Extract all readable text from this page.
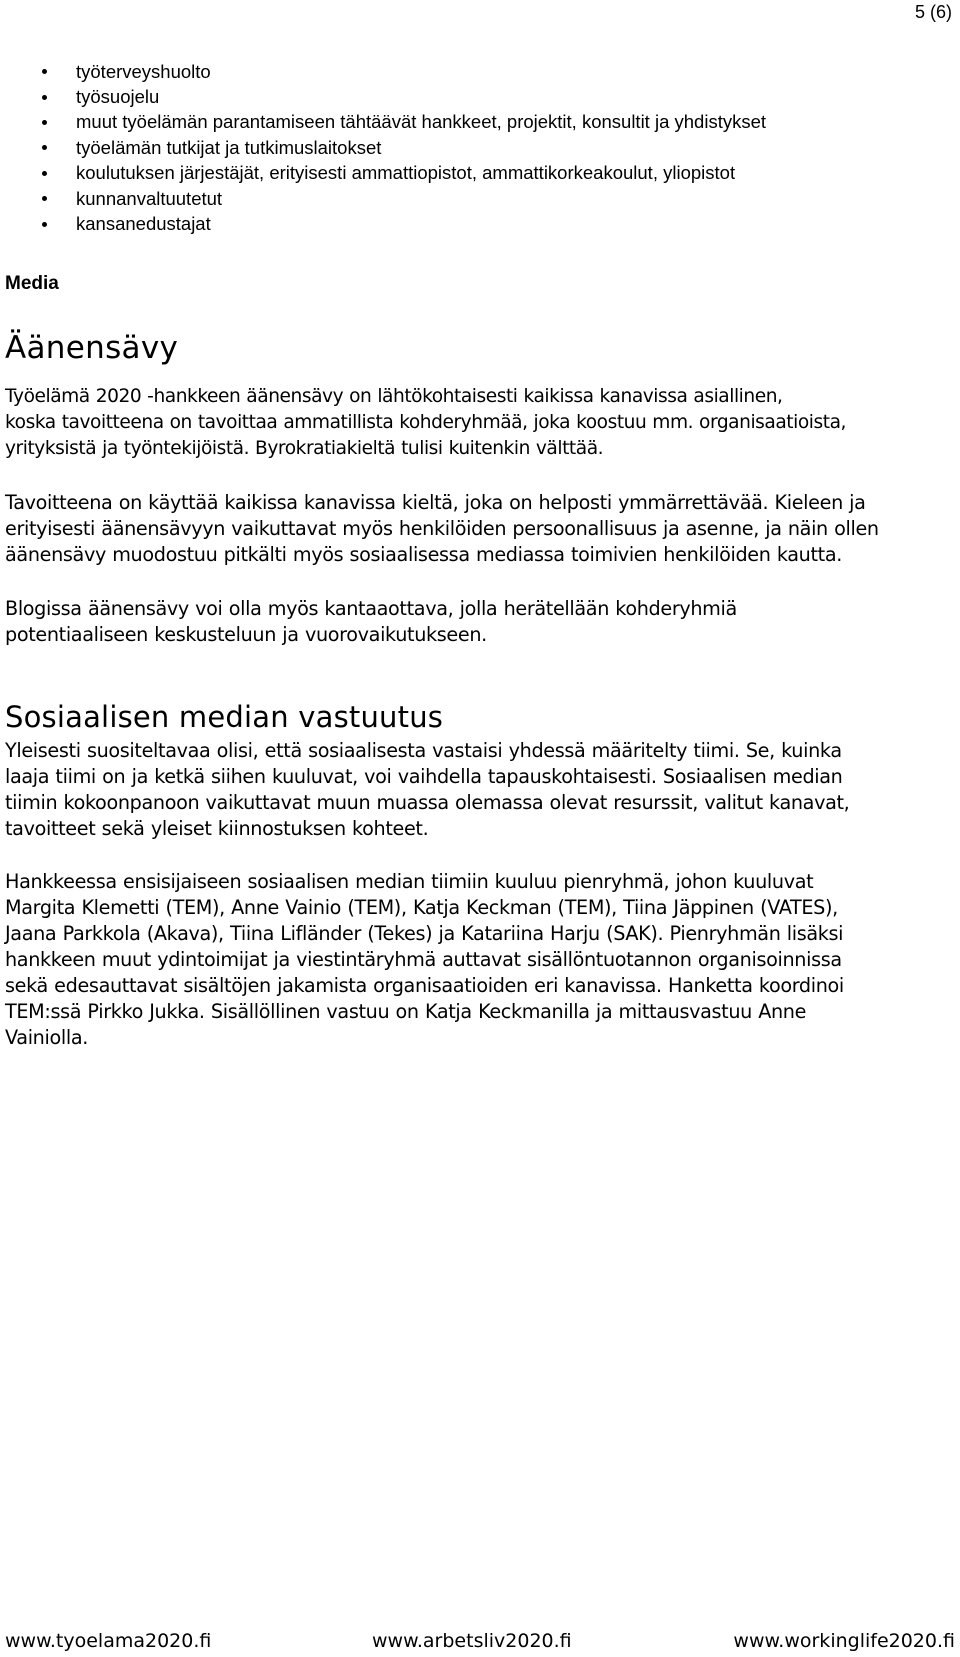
5 (6)
työterveyshuolto
työsuojelu
muut työelämän parantamiseen tähtäävät hankkeet, projektit, konsultit ja yhdistykset
työelämän tutkijat ja tutkimuslaitokset
koulutuksen järjestäjät, erityisesti ammattiopistot, ammattikorkeakoulut, yliopistot
kunnanvaltuutetut
kansanedustajat
Media
Äänensävy

Työelämä 2020 -hankkeen äänensävy on lähtökohtaisesti kaikissa kanavissa asiallinen,
koska tavoitteena on tavoittaa ammatillista kohderyhmää, joka koostuu mm. organisaatioista,
yrityksistä ja työntekijöistä. Byrokratiakieltä tulisi kuitenkin välttää.

Tavoitteena on käyttää kaikissa kanavissa kieltä, joka on helposti ymmärrettävää. Kieleen ja
erityisesti äänensävyyn vaikuttavat myös henkilöiden persoonallisuus ja asenne, ja näin ollen
äänensävy muodostuu pitkälti myös sosiaalisessa mediassa toimivien henkilöiden kautta.

Blogissa äänensävy voi olla myös kantaaottava, jolla herätellään kohderyhmiä
potentiaaliseen keskusteluun ja vuorovaikutukseen.

Sosiaalisen median vastuutus

Yleisesti suositeltavaa olisi, että sosiaalisesta vastaisi yhdessä määritelty tiimi. Se, kuinka
laaja tiimi on ja ketkä siihen kuuluvat, voi vaihdella tapauskohtaisesti. Sosiaalisen median
tiimin kokoonpanoon vaikuttavat muun muassa olemassa olevat resurssit, valitut kanavat,
tavoitteet sekä yleiset kiinnostuksen kohteet.

Hankkeessa ensisijaiseen sosiaalisen median tiimiin kuuluu pienryhmä, johon kuuluvat
Margita Klemetti (TEM), Anne Vainio (TEM), Katja Keckman (TEM), Tiina Jäppinen (VATES),
Jaana Parkkola (Akava), Tiina Lifländer (Tekes) ja Katariina Harju (SAK). Pienryhmän lisäksi
hankkeen muut ydintoimijat ja viestintäryhmä auttavat sisällöntuotannon organisoinnissa
sekä edesauttavat sisältöjen jakamista organisaatioiden eri kanavissa. Hanketta koordinoi
TEM:ssä Pirkko Jukka. Sisällöllinen vastuu on Katja Keckmanilla ja mittausvastuu Anne
Vainiolla.

www.tyoelama2020.fi	www.arbetsliv2020.fi	www.workinglife2020.fi
